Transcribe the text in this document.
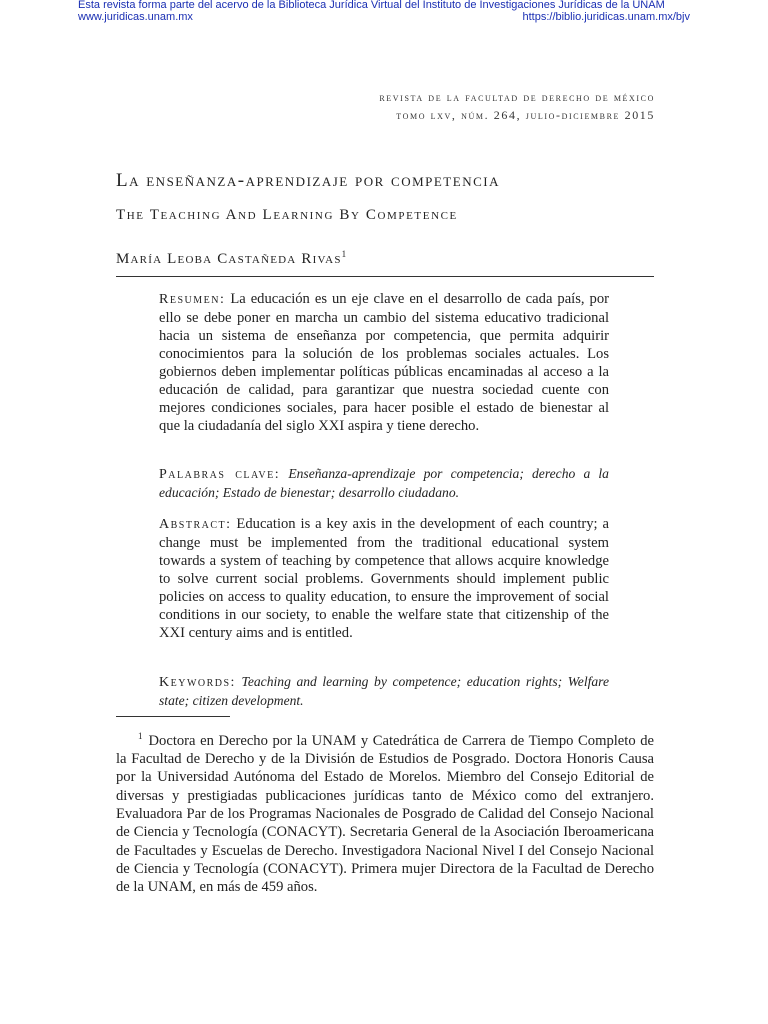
Esta revista forma parte del acervo de la Biblioteca Jurídica Virtual del Instituto de Investigaciones Jurídicas de la UNAM
www.juridicas.unam.mx	https://biblio.juridicas.unam.mx/bjv
revista de la facultad de derecho de méxico
tomo lxv, núm. 264, julio-diciembre 2015
La enseñanza-aprendizaje por competencia
The Teaching And Learning By Competence
María Leoba Castañeda Rivas$^1$
Resumen: La educación es un eje clave en el desarrollo de cada país, por ello se debe poner en marcha un cambio del sistema educativo tradicional hacia un sistema de enseñanza por competencia, que permita adquirir conocimientos para la solución de los problemas sociales actuales. Los gobiernos deben implementar políticas públicas encaminadas al acceso a la educación de calidad, para garantizar que nuestra sociedad cuente con mejores condiciones sociales, para hacer posible el estado de bienestar al que la ciudadanía del siglo XXI aspira y tiene derecho.
Palabras clave: Enseñanza-aprendizaje por competencia; derecho a la educación; Estado de bienestar; desarrollo ciudadano.
Abstract: Education is a key axis in the development of each country; a change must be implemented from the traditional educational system towards a system of teaching by competence that allows acquire knowledge to solve current social problems. Governments should implement public policies on access to quality education, to ensure the improvement of social conditions in our society, to enable the welfare state that citizenship of the XXI century aims and is entitled.
Keywords: Teaching and learning by competence; education rights; Welfare state; citizen development.
$^1$ Doctora en Derecho por la UNAM y Catedrática de Carrera de Tiempo Completo de la Facultad de Derecho y de la División de Estudios de Posgrado. Doctora Honoris Causa por la Universidad Autónoma del Estado de Morelos. Miembro del Consejo Editorial de diversas y prestigiadas publicaciones jurídicas tanto de México como del extranjero. Evaluadora Par de los Programas Nacionales de Posgrado de Calidad del Consejo Nacional de Ciencia y Tecnología (CONACYT). Secretaria General de la Asociación Iberoamericana de Facultades y Escuelas de Derecho. Investigadora Nacional Nivel I del Consejo Nacional de Ciencia y Tecnología (CONACYT). Primera mujer Directora de la Facultad de Derecho de la UNAM, en más de 459 años.
